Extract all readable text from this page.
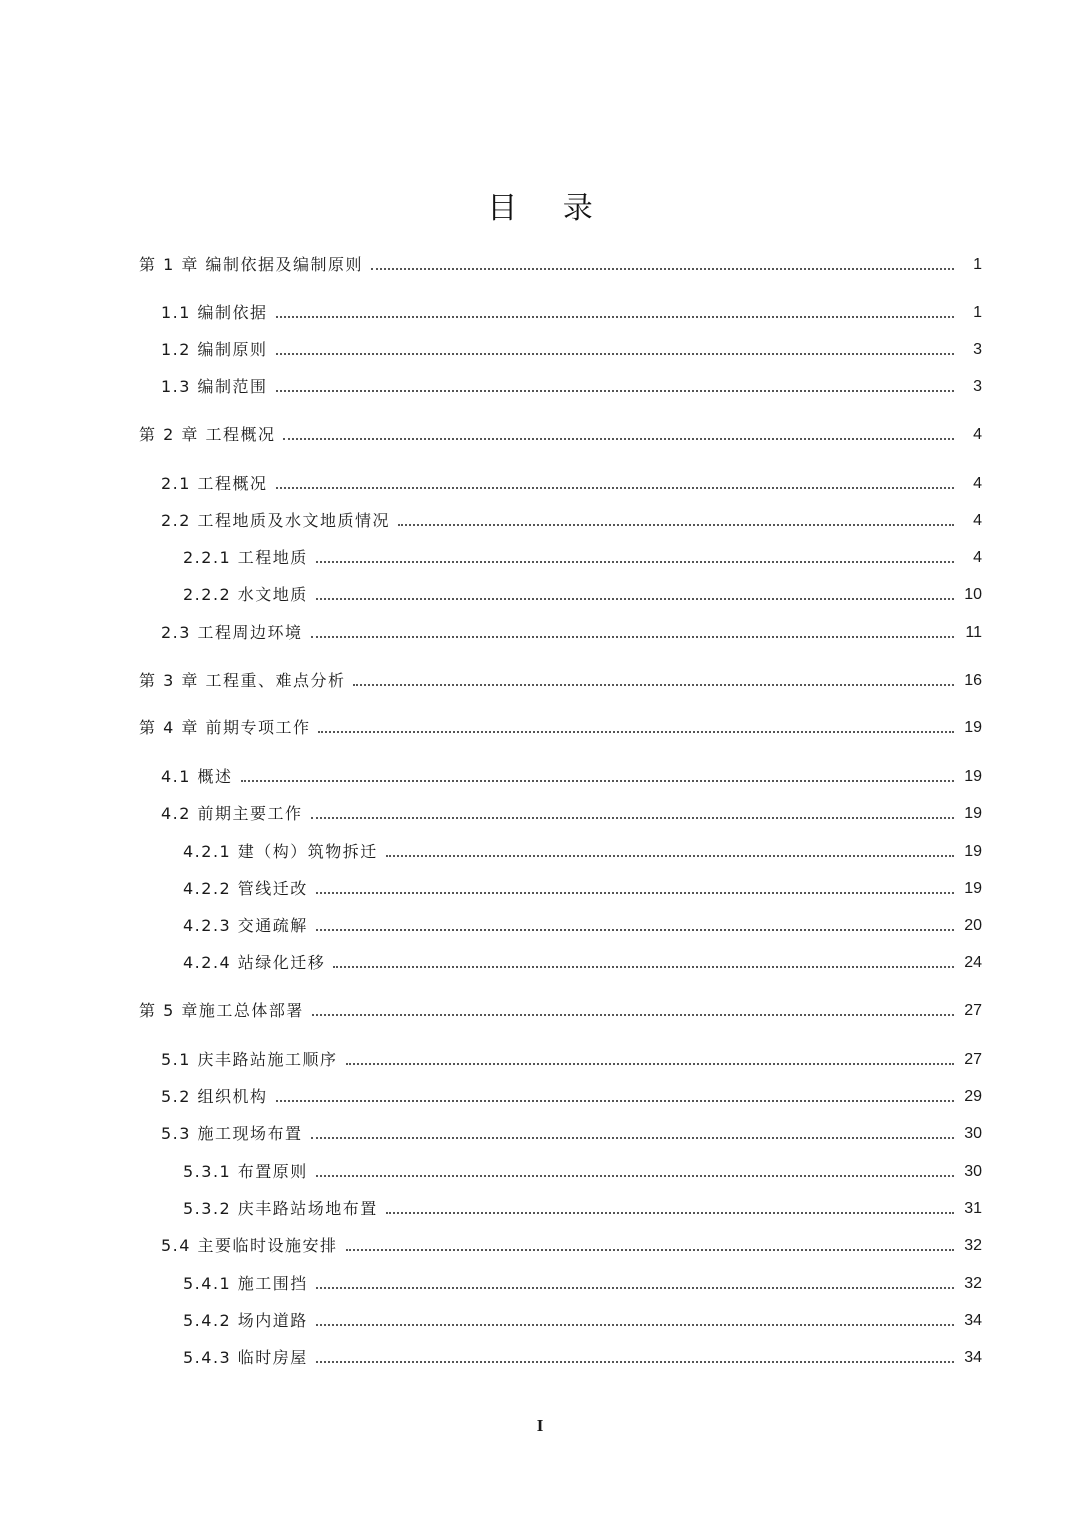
目 录
第 1 章 编制依据及编制原则	1
1.1 编制依据	1
1.2 编制原则	3
1.3 编制范围	3
第 2 章 工程概况	4
2.1 工程概况	4
2.2 工程地质及水文地质情况	4
2.2.1 工程地质	4
2.2.2 水文地质	10
2.3 工程周边环境	11
第 3 章 工程重、难点分析	16
第 4 章 前期专项工作	19
4.1 概述	19
4.2 前期主要工作	19
4.2.1 建（构）筑物拆迁	19
4.2.2 管线迁改	19
4.2.3 交通疏解	20
4.2.4 站绿化迁移	24
第 5 章施工总体部署	27
5.1 庆丰路站施工顺序	27
5.2 组织机构	29
5.3 施工现场布置	30
5.3.1 布置原则	30
5.3.2 庆丰路站场地布置	31
5.4 主要临时设施安排	32
5.4.1 施工围挡	32
5.4.2 场内道路	34
5.4.3 临时房屋	34
I
